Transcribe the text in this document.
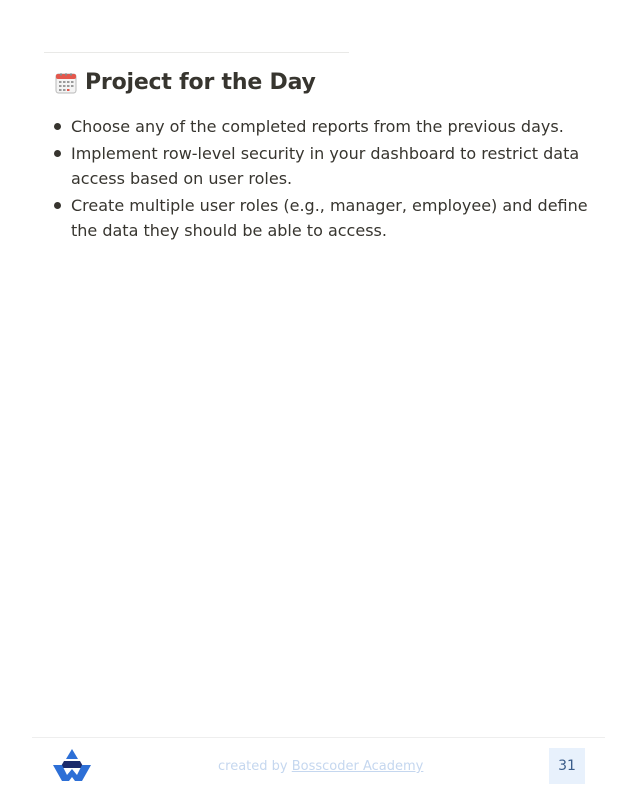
Project for the Day
Choose any of the completed reports from the previous days.
Implement row-level security in your dashboard to restrict data access based on user roles.
Create multiple user roles (e.g., manager, employee) and define the data they should be able to access.
created by Bosscoder Academy	31
